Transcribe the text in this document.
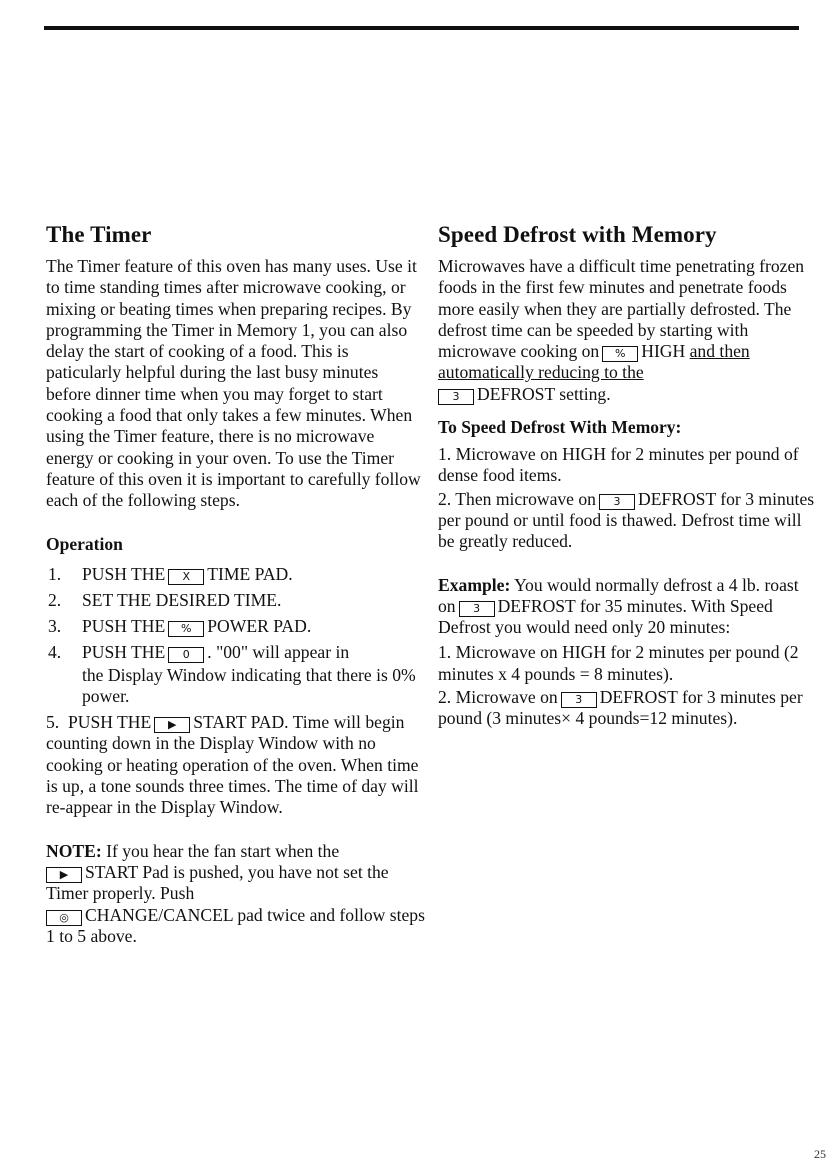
The Timer

The Timer feature of this oven has many uses. Use it to time standing times after microwave cooking, or mixing or beating times when preparing recipes. By programming the Timer in Memory 1, you can also delay the start of cooking of a food. This is paticularly helpful during the last busy minutes before dinner time when you may forget to start cooking a food that only takes a few minutes. When using the Timer feature, there is no microwave energy or cooking in your oven. To use the Timer feature of this oven it is important to carefully follow each of the following steps.

Operation

1.	PUSH THE X TIME PAD.
2.	SET THE DESIRED TIME.
3.	PUSH THE % POWER PAD.
4.	PUSH THE 0 . "00" will appear in
the Display Window indicating that there is 0% power.

5. PUSH THE ▶ START PAD. Time will begin counting down in the Display Window with no cooking or heating operation of the oven. When time is up, a tone sounds three times. The time of day will re-appear in the Display Window.

NOTE: If you hear the fan start when the
▶ START Pad is pushed, you have not set the Timer properly. Push
◎ CHANGE/CANCEL pad twice and follow steps 1 to 5 above.

Speed Defrost with Memory

Microwaves have a difficult time penetrating frozen foods in the first few minutes and penetrate foods more easily when they are partially defrosted. The defrost time can be speeded by starting with microwave cooking on % HIGH and then automatically reducing to the
3 DEFROST setting.

To Speed Defrost With Memory:

1. Microwave on HIGH for 2 minutes per pound of dense food items.

2. Then microwave on 3 DEFROST for 3 minutes per pound or until food is thawed. Defrost time will be greatly reduced.

Example: You would normally defrost a 4 lb. roast on 3 DEFROST for 35 minutes. With Speed Defrost you would need only 20 minutes:

1. Microwave on HIGH for 2 minutes per pound (2 minutes x 4 pounds = 8 minutes).

2. Microwave on 3 DEFROST for 3 minutes per pound (3 minutes× 4 pounds=12 minutes).

25
